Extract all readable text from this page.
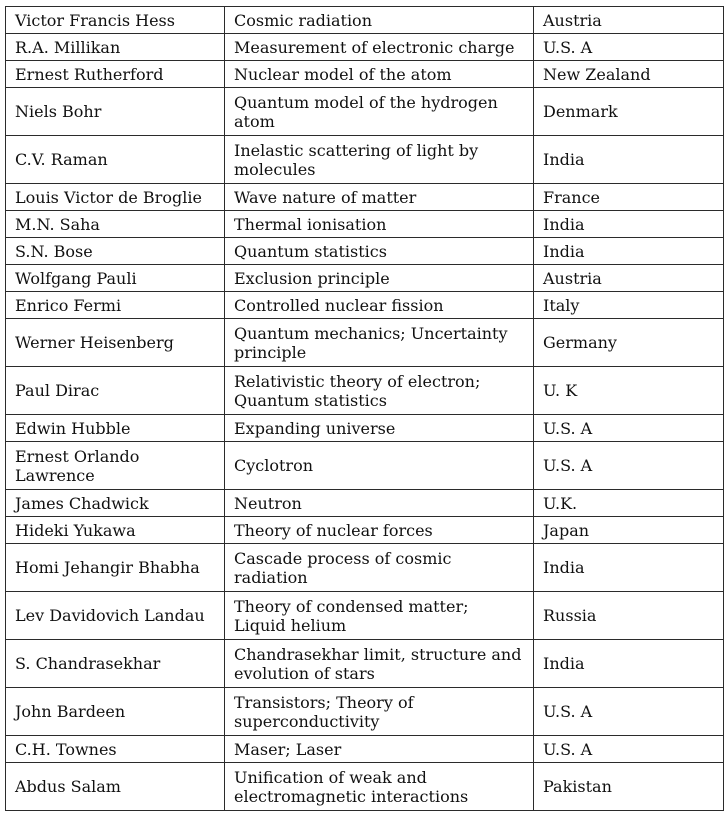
Victor Francis Hess	Cosmic radiation	Austria
R.A. Millikan	Measurement of electronic charge	U.S. A
Ernest Rutherford	Nuclear model of the atom	New Zealand
Niels Bohr	Quantum model of the hydrogen atom	Denmark
C.V. Raman	Inelastic scattering of light by molecules	India
Louis Victor de Broglie	Wave nature of matter	France
M.N. Saha	Thermal ionisation	India
S.N. Bose	Quantum statistics	India
Wolfgang Pauli	Exclusion principle	Austria
Enrico Fermi	Controlled nuclear fission	Italy
Werner Heisenberg	Quantum mechanics; Uncertainty principle	Germany
Paul Dirac	Relativistic theory of electron; Quantum statistics	U. K
Edwin Hubble	Expanding universe	U.S. A
Ernest Orlando Lawrence	Cyclotron	U.S. A
James Chadwick	Neutron	U.K.
Hideki Yukawa	Theory of nuclear forces	Japan
Homi Jehangir Bhabha	Cascade process of cosmic radiation	India
Lev Davidovich Landau	Theory of condensed matter; Liquid helium	Russia
S. Chandrasekhar	Chandrasekhar limit, structure and evolution of stars	India
John Bardeen	Transistors; Theory of superconductivity	U.S. A
C.H. Townes	Maser; Laser	U.S. A
Abdus Salam	Unification of weak and electromagnetic interactions	Pakistan
